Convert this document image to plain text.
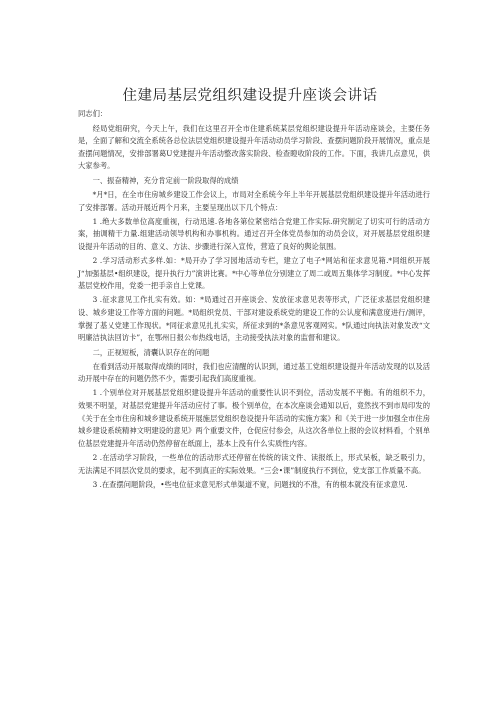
住建局基层党组织建设提升座谈会讲话

同志们：

经局党组研究，今天上午，我们在这里召开全市住建系统某层党组织建设提升年活动座谈会，主要任务是，全面了解和交流全系统各总位法层党组织建设提升年活动动员学习阶段、查摆问题阶段开展情况，重点是查摆问题情况，安排部署葛U党建提升年活动整改落实阶段、检查瞪收阶段的工作。下面，我讲几点意见，供大家参考。

一、振奋精神，充分肯定前一阶段取得的成绩

*月*日，在全市住房城乡建设工作会议上，市局对全系统今年上半年开展基层党组织建设提升年活动进行了安排部署。活动开展近两个月来，主要呈现出以下几个特点：

1 .绝大多数单位高度重视，行动迅速.各地各第位紧密结合党建工作实际.研究制定了切实可行的活动方案，抽调精干力量.组建活动领导机构和办事机构。通过召开全体党员参加的动员会议，对开展基层党组织建设提升年活动的目的、意义、方法、步骤进行深入宣传，营造了良好的舆论氛围。

2 .学习活动形式多样.如：*局开办了学习园地活动专栏，建立了电子*网站和征求意见箱.*同组织开展J“加强基层•组织建设，提升执行力”演讲比赛。*中心等单位分别建立了周二或周五集体学习制度。*中心发挥基层党校作用，党委一把手亲自上党课。

3 .征求意见工作扎实有效。如：*局通过召开座谈会、发放征求意见表等形式，广泛征求基层党组织建设、城乡建设工作等方面的问题。*局组织党员、干部对建设系统党的建设工作的公认度和满意度进行/测评，掌握了基乂党建工作现状。*同征求意见扎扎实实，所征求到的*条意见客观网实。*队通过向执法对象发改“文明廉洁执法回访卡”，在鄂州日报公布热线电话，主动接受执法对象的监督和建议。

二，正视短板，清囊认识存在的问题

在看到活动开展取得成绩的同时，我们也应清醒的认识到，通过基工党组织建设提升年活动发现的以及活动开展中存在的问题仍然不少，需要引起我们高度重视。

1 .个别单位对开展基层党组织建设提升年活动的重要性认识不到位，活动发展不平衡。有的组织不力，效果不明显，对基层党建提升年活动应付了事。极个别单位，在本次座谈会通知以后，竟然找不到市局印发的《关于在全市住房和城乡建设系统开展施层党组织卷设提升年活动的实施方案》和《关于进一步加强全市住房城乡建设系统精神文明建设的意见》两个重要文件，仓促应付参会，从这次各单位上报的会议材料看，个别单位基层党建提升年活动仍然停留在纸面上，基本上没有什么实质性内容。

2 .在活动学习阶段，一些单位的活动形式还停留在传统的读文件、读报纸上，形式呆板，缺乏吸引力，无法满足不同层次党员的要求，起不到真正的实际效果。“三会•课”制度执行不到位，党支部工作质量不高。

3 .在查摆问题阶段，•些电位征求意见形式单渠道不宽，问题找的不准，有的根本就没有征求意见.
